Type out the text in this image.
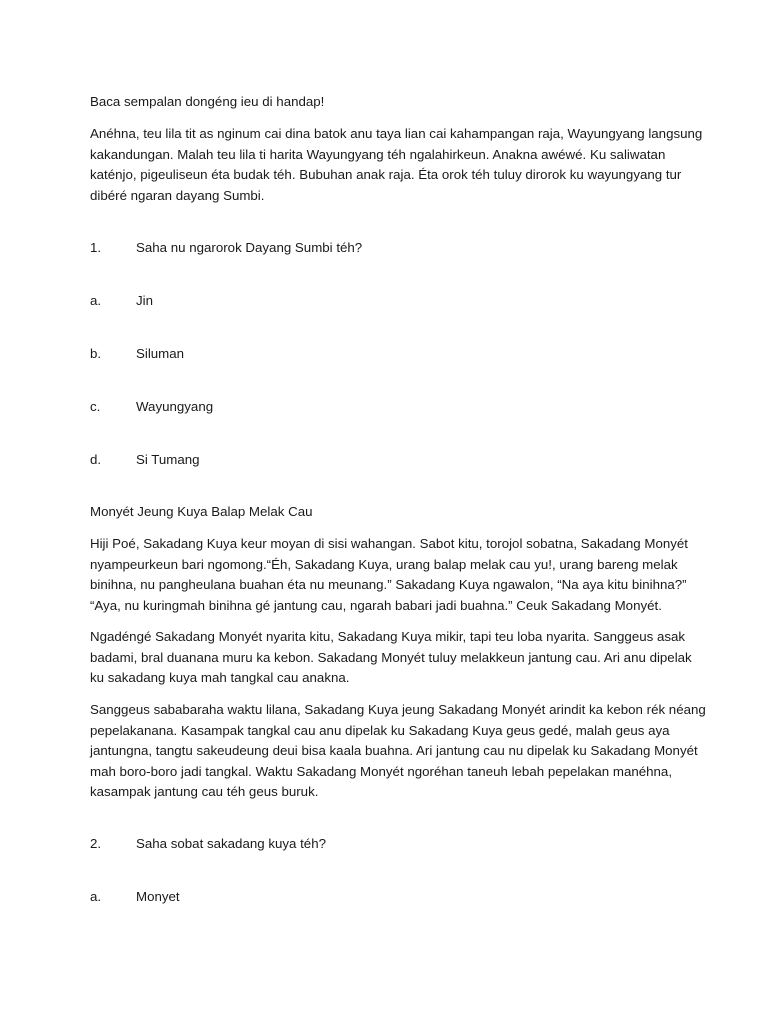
Baca sempalan dongéng ieu di handap!

Anéhna, teu lila tit as nginum cai dina batok anu taya lian cai kahampangan raja, Wayungyang langsung
kakandungan. Malah teu lila ti harita Wayungyang téh ngalahirkeun. Anakna awéwé. Ku saliwatan
katénjo, pigeuliseun éta budak téh. Bubuhan anak raja. Éta orok téh tuluy dirorok ku wayungyang tur
dibéré ngaran dayang Sumbi.

1.	Saha nu ngarorok Dayang Sumbi téh?
a.	Jin
b.	Siluman
c.	Wayungyang
d.	Si Tumang

Monyét Jeung Kuya Balap Melak Cau

Hiji Poé, Sakadang Kuya keur moyan di sisi wahangan. Sabot kitu, torojol sobatna, Sakadang Monyét
nyampeurkeun bari ngomong.“Éh, Sakadang Kuya, urang balap melak cau yu!, urang bareng melak
binihna, nu pangheulana buahan éta nu meunang.” Sakadang Kuya ngawalon, “Na aya kitu binihna?”
“Aya, nu kuringmah binihna gé jantung cau, ngarah babari jadi buahna.” Ceuk Sakadang Monyét.

Ngadéngé Sakadang Monyét nyarita kitu, Sakadang Kuya mikir, tapi teu loba nyarita. Sanggeus asak
badami, bral duanana muru ka kebon. Sakadang Monyét tuluy melakkeun jantung cau. Ari anu dipelak
ku sakadang kuya mah tangkal cau anakna.

Sanggeus sababaraha waktu lilana, Sakadang Kuya jeung Sakadang Monyét arindit ka kebon rék néang
pepelakanana. Kasampak tangkal cau anu dipelak ku Sakadang Kuya geus gedé, malah geus aya
jantungna, tangtu sakeudeung deui bisa kaala buahna. Ari jantung cau nu dipelak ku Sakadang Monyét
mah boro-boro jadi tangkal. Waktu Sakadang Monyét ngoréhan taneuh lebah pepelakan manéhna,
kasampak jantung cau téh geus buruk.

2.	Saha sobat sakadang kuya téh?
a.	Monyet
